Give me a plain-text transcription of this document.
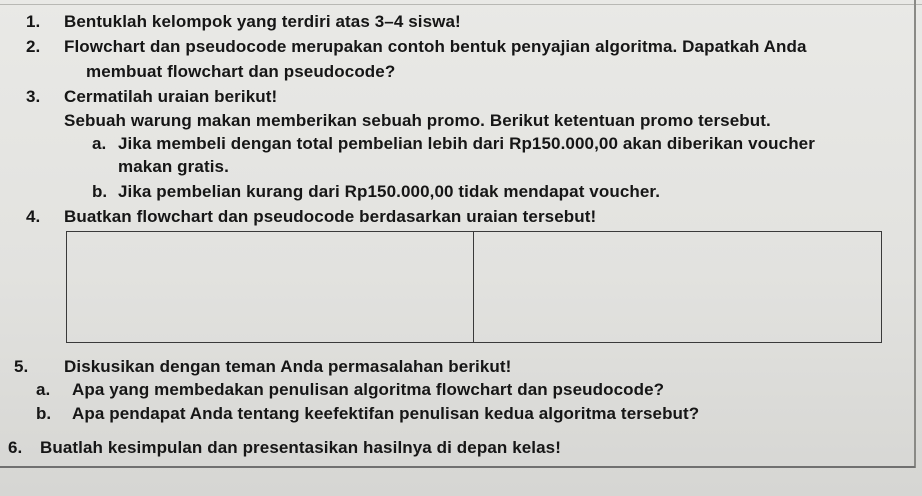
1. Bentuklah kelompok yang terdiri atas 3–4 siswa!
2. Flowchart dan pseudocode merupakan contoh bentuk penyajian algoritma. Dapatkah Anda
membuat flowchart dan pseudocode?
3. Cermatilah uraian berikut!
Sebuah warung makan memberikan sebuah promo. Berikut ketentuan promo tersebut.
a. Jika membeli dengan total pembelian lebih dari Rp150.000,00 akan diberikan voucher
makan gratis.
b. Jika pembelian kurang dari Rp150.000,00 tidak mendapat voucher.
4. Buatkan flowchart dan pseudocode berdasarkan uraian tersebut!
5. Diskusikan dengan teman Anda permasalahan berikut!
a. Apa yang membedakan penulisan algoritma flowchart dan pseudocode?
b. Apa pendapat Anda tentang keefektifan penulisan kedua algoritma tersebut?
6. Buatlah kesimpulan dan presentasikan hasilnya di depan kelas!
